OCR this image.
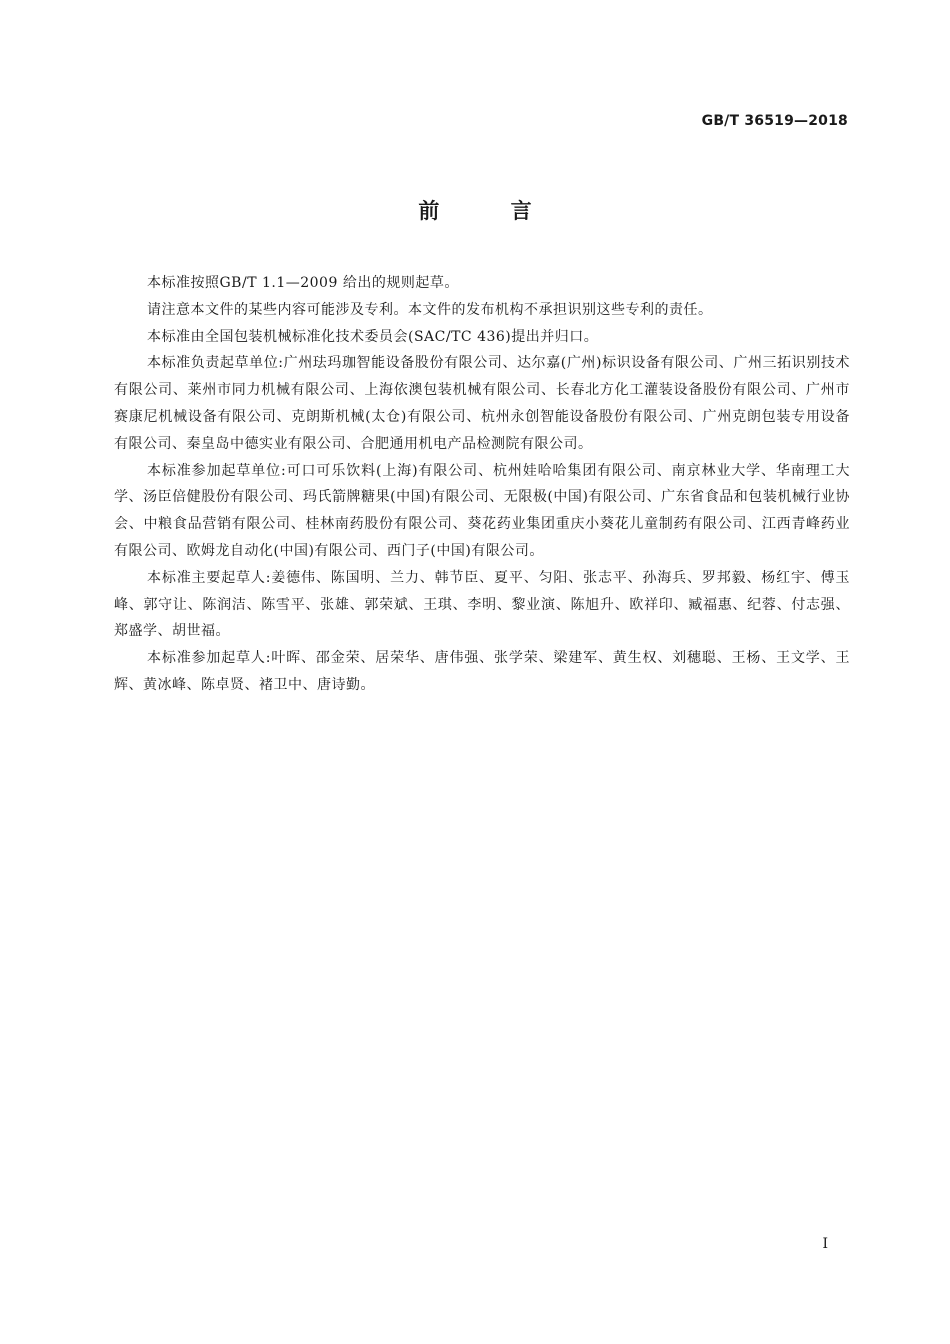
GB/T 36519—2018
前 言

本标准按照GB/T 1.1—2009 给出的规则起草。

请注意本文件的某些内容可能涉及专利。本文件的发布机构不承担识别这些专利的责任。

本标准由全国包装机械标准化技术委员会(SAC/TC 436)提出并归口。

本标准负责起草单位:广州珐玛珈智能设备股份有限公司、达尔嘉(广州)标识设备有限公司、广州三拓识别技术有限公司、莱州市同力机械有限公司、上海依澳包装机械有限公司、长春北方化工灌装设备股份有限公司、广州市赛康尼机械设备有限公司、克朗斯机械(太仓)有限公司、杭州永创智能设备股份有限公司、广州克朗包装专用设备有限公司、秦皇岛中德实业有限公司、合肥通用机电产品检测院有限公司。

本标准参加起草单位:可口可乐饮料(上海)有限公司、杭州娃哈哈集团有限公司、南京林业大学、华南理工大学、汤臣倍健股份有限公司、玛氏箭牌糖果(中国)有限公司、无限极(中国)有限公司、广东省食品和包装机械行业协会、中粮食品营销有限公司、桂林南药股份有限公司、葵花药业集团重庆小葵花儿童制药有限公司、江西青峰药业有限公司、欧姆龙自动化(中国)有限公司、西门子(中国)有限公司。

本标准主要起草人:姜德伟、陈国明、兰力、韩节臣、夏平、匀阳、张志平、孙海兵、罗邦毅、杨红宇、傅玉峰、郭守让、陈润洁、陈雪平、张雄、郭荣斌、王琪、李明、黎业演、陈旭升、欧祥印、臧福惠、纪蓉、付志强、郑盛学、胡世福。

本标准参加起草人:叶晖、邵金荣、居荣华、唐伟强、张学荣、梁建军、黄生权、刘穗聪、王杨、王文学、王辉、黄冰峰、陈卓贤、褚卫中、唐诗勤。

I
